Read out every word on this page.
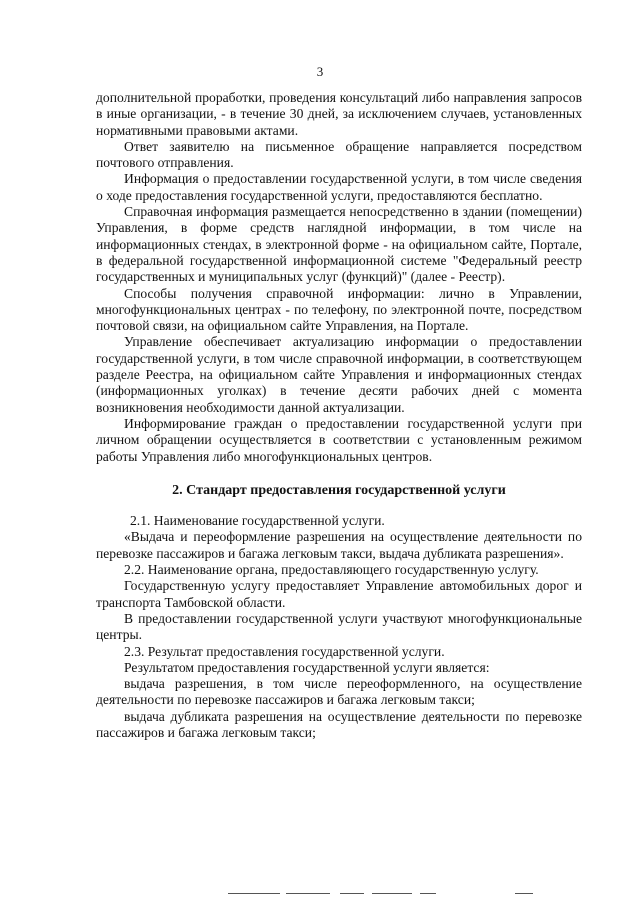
3

дополнительной проработки, проведения консультаций либо направления запросов в иные организации, - в течение 30 дней, за исключением случаев, установленных нормативными правовыми актами.

Ответ заявителю на письменное обращение направляется посредством почтового отправления.

Информация о предоставлении государственной услуги, в том числе сведения о ходе предоставления государственной услуги, предоставляются бесплатно.

Справочная информация размещается непосредственно в здании (помещении) Управления, в форме средств наглядной информации, в том числе на информационных стендах, в электронной форме - на официальном сайте, Портале, в федеральной государственной информационной системе "Федеральный реестр государственных и муниципальных услуг (функций)" (далее - Реестр).

Способы получения справочной информации: лично в Управлении, многофункциональных центрах - по телефону, по электронной почте, посредством почтовой связи, на официальном сайте Управления, на Портале.

Управление обеспечивает актуализацию информации о предоставлении государственной услуги, в том числе справочной информации, в соответствующем разделе Реестра, на официальном сайте Управления и информационных стендах (информационных уголках) в течение десяти рабочих дней с момента возникновения необходимости данной актуализации.

Информирование граждан о предоставлении государственной услуги при личном обращении осуществляется в соответствии с установленным режимом работы Управления либо многофункциональных центров.

2. Стандарт предоставления государственной услуги

2.1. Наименование государственной услуги.

«Выдача и переоформление разрешения на осуществление деятельности по перевозке пассажиров и багажа легковым такси, выдача дубликата разрешения».

2.2. Наименование органа, предоставляющего государственную услугу.

Государственную услугу предоставляет Управление автомобильных дорог и транспорта Тамбовской области.

В предоставлении государственной услуги участвуют многофункциональные центры.

2.3. Результат предоставления государственной услуги.

Результатом предоставления государственной услуги является:

выдача разрешения, в том числе переоформленного, на осуществление деятельности по перевозке пассажиров и багажа легковым такси;

выдача дубликата разрешения на осуществление деятельности по перевозке пассажиров и багажа легковым такси;
